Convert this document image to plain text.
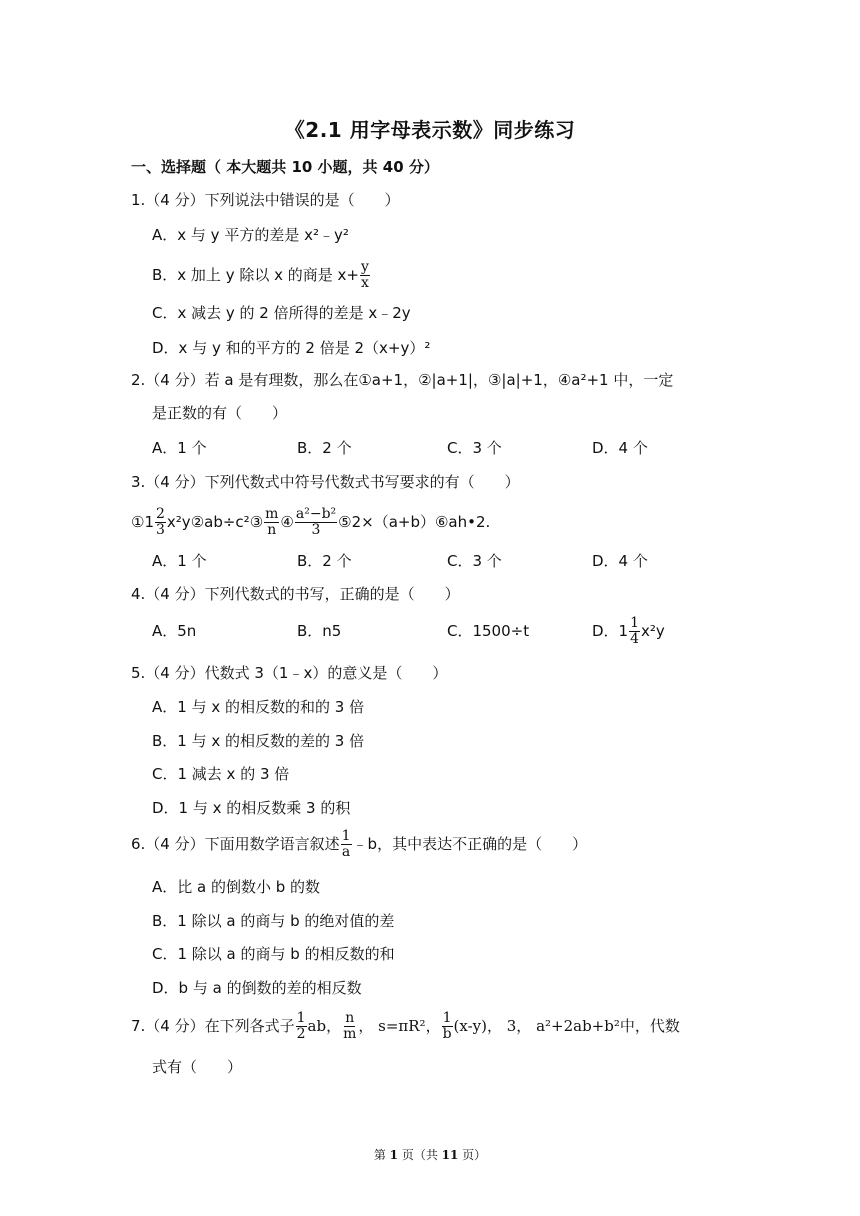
《2.1 用字母表示数》同步练习
一、选择题（ 本大题共 10 小题，共 40 分）
1.（4 分）下列说法中错误的是（　　）
A．x 与 y 平方的差是 x²﹣y²
B．x 加上 y 除以 x 的商是 $x+ \frac{y}{x}$
C．x 减去 y 的 2 倍所得的差是 x﹣2y
D．x 与 y 和的平方的 2 倍是 2（x+y）²
2.（4 分）若 a 是有理数，那么在①a+1，②|a+1|，③|a|+1，④a²+1 中，一定
是正数的有（　　）
A．1 个	B．2 个	C．3 个	D．4 个
3.（4 分）下列代数式中符号代数式书写要求的有（　　）
①1 $\frac{2}{3}$ x²y②ab÷c²③ $\frac{m}{n}$ ④ $\frac{\text{a²−b²}}{3}$ ⑤2×（a+b）⑥ah•2.
A．1 个	B．2 个	C．3 个	D．4 个
4.（4 分）下列代数式的书写，正确的是（　　）
A．5n	B．n5	C．1500÷t	D．$1 \frac{1}{4} x^2y$
5.（4 分）代数式 3（1﹣x）的意义是（　　）
A．1 与 x 的相反数的和的 3 倍
B．1 与 x 的相反数的差的 3 倍
C．1 减去 x 的 3 倍
D．1 与 x 的相反数乘 3 的积
6.（4 分）下面用数学语言叙述 $\frac{1}{a}$ ﹣b，其中表达不正确的是（　　）
A．比 a 的倒数小 b 的数
B．1 除以 a 的商与 b 的绝对值的差
C．1 除以 a 的商与 b 的相反数的和
D．b 与 a 的倒数的差的相反数
7.（4 分）在下列各式子 $\frac{1}{2}$ ab， $\frac{n}{m}$ ， s=πR²， $\frac{1}{b} (x-y)$， 3， a²+2ab+b²中，代数
式有（　　）
第 1 页（共 11 页）
